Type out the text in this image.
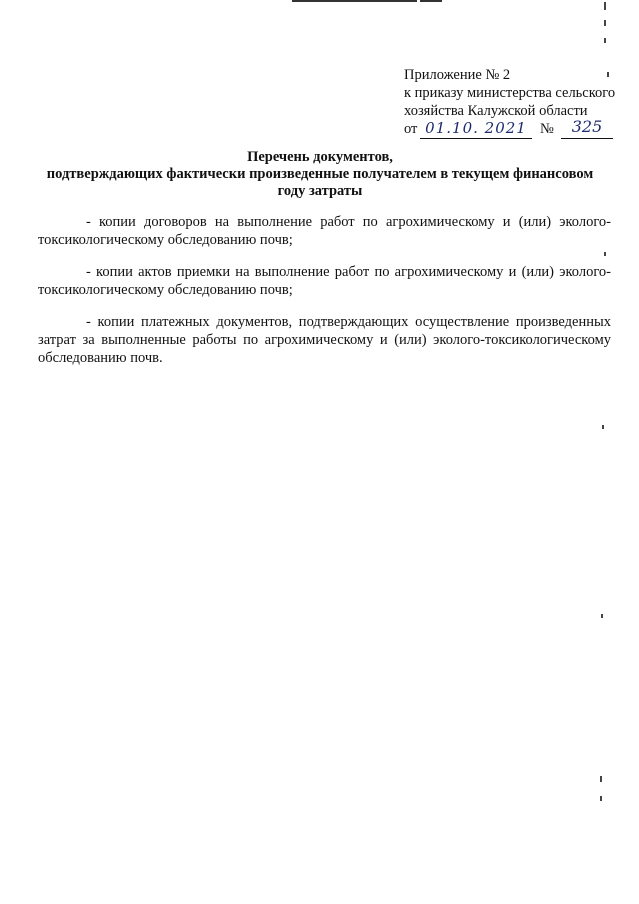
Приложение № 2
к приказу министерства сельского
хозяйства Калужской области
от 01.10. 2021 №	325
Перечень документов,
подтверждающих фактически произведенные получателем в текущем финансовом
году затраты

- копии договоров на выполнение работ по агрохимическому и (или) эколого-токсикологическому обследованию почв;

- копии актов приемки на выполнение работ по агрохимическому и (или) эколого-токсикологическому обследованию почв;

- копии платежных документов, подтверждающих осуществление произведенных затрат за выполненные работы по агрохимическому и (или) эколого-токсикологическому обследованию почв.
